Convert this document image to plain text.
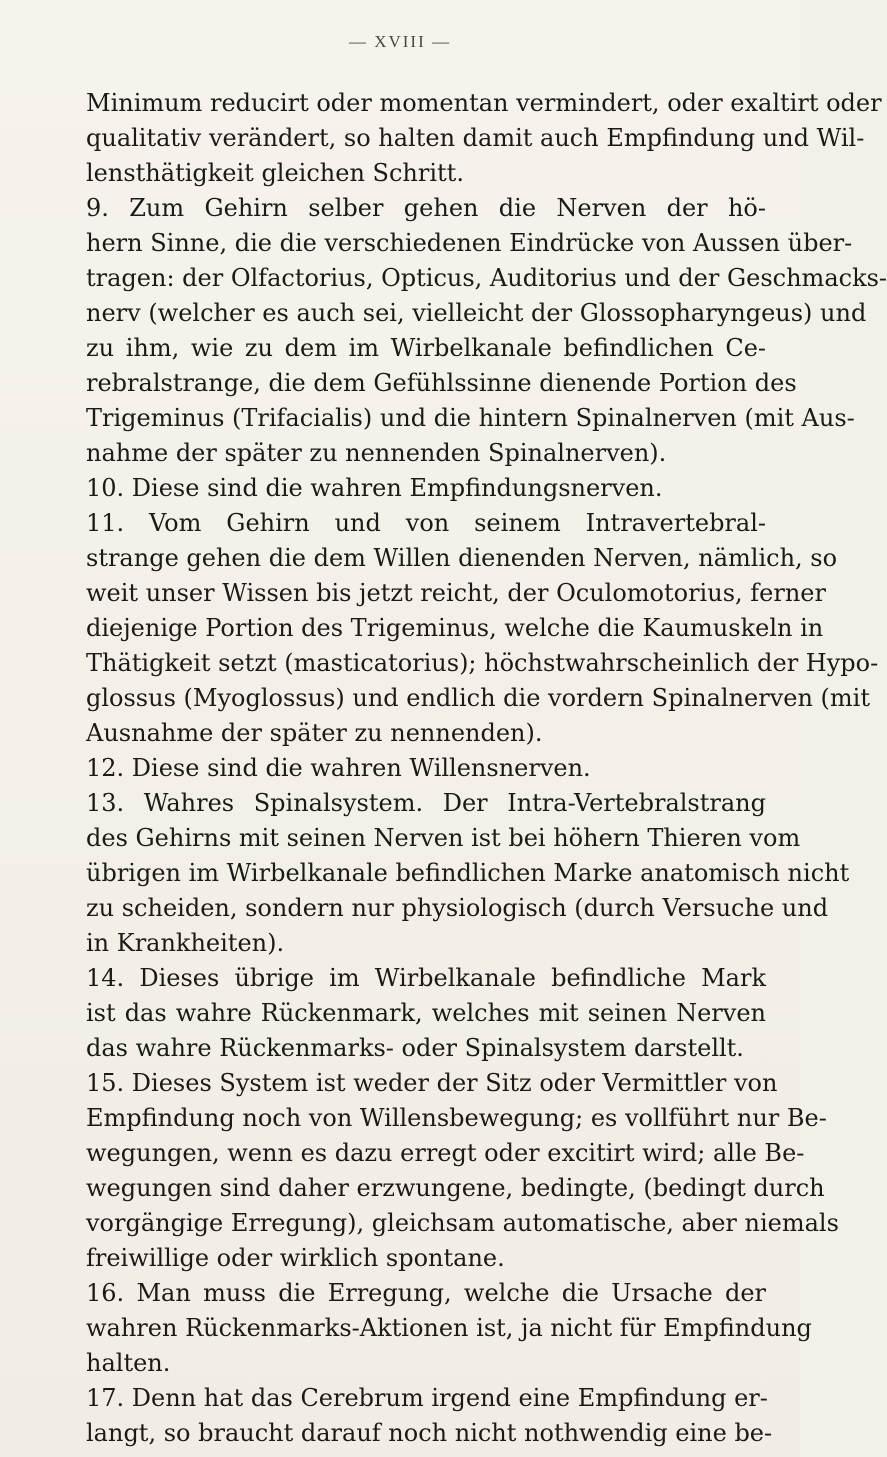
— XVIII —
Minimum reducirt oder momentan vermindert, oder exaltirt oder
qualitativ verändert, so halten damit auch Empfindung und Wil-
lensthätigkeit gleichen Schritt.
9. Zum Gehirn selber gehen die Nerven der hö-
hern Sinne, die die verschiedenen Eindrücke von Aussen über-
tragen: der Olfactorius, Opticus, Auditorius und der Geschmacks-
nerv (welcher es auch sei, vielleicht der Glossopharyngeus) und
zu ihm, wie zu dem im Wirbelkanale befindlichen Ce-
rebralstrange, die dem Gefühlssinne dienende Portion des
Trigeminus (Trifacialis) und die hintern Spinalnerven (mit Aus-
nahme der später zu nennenden Spinalnerven).
10. Diese sind die wahren Empfindungsnerven.
11. Vom Gehirn und von seinem Intravertebral-
strange gehen die dem Willen dienenden Nerven, nämlich, so
weit unser Wissen bis jetzt reicht, der Oculomotorius, ferner
diejenige Portion des Trigeminus, welche die Kaumuskeln in
Thätigkeit setzt (masticatorius); höchstwahrscheinlich der Hypo-
glossus (Myoglossus) und endlich die vordern Spinalnerven (mit
Ausnahme der später zu nennenden).
12. Diese sind die wahren Willensnerven.
13. Wahres Spinalsystem. Der Intra-Vertebralstrang
des Gehirns mit seinen Nerven ist bei höhern Thieren vom
übrigen im Wirbelkanale befindlichen Marke anatomisch nicht
zu scheiden, sondern nur physiologisch (durch Versuche und
in Krankheiten).
14. Dieses übrige im Wirbelkanale befindliche Mark
ist das wahre Rückenmark, welches mit seinen Nerven
das wahre Rückenmarks- oder Spinalsystem darstellt.
15. Dieses System ist weder der Sitz oder Vermittler von
Empfindung noch von Willensbewegung; es vollführt nur Be-
wegungen, wenn es dazu erregt oder excitirt wird; alle Be-
wegungen sind daher erzwungene, bedingte, (bedingt durch
vorgängige Erregung), gleichsam automatische, aber niemals
freiwillige oder wirklich spontane.
16. Man muss die Erregung, welche die Ursache der
wahren Rückenmarks-Aktionen ist, ja nicht für Empfindung
halten.
17. Denn hat das Cerebrum irgend eine Empfindung er-
langt, so braucht darauf noch nicht nothwendig eine be-
